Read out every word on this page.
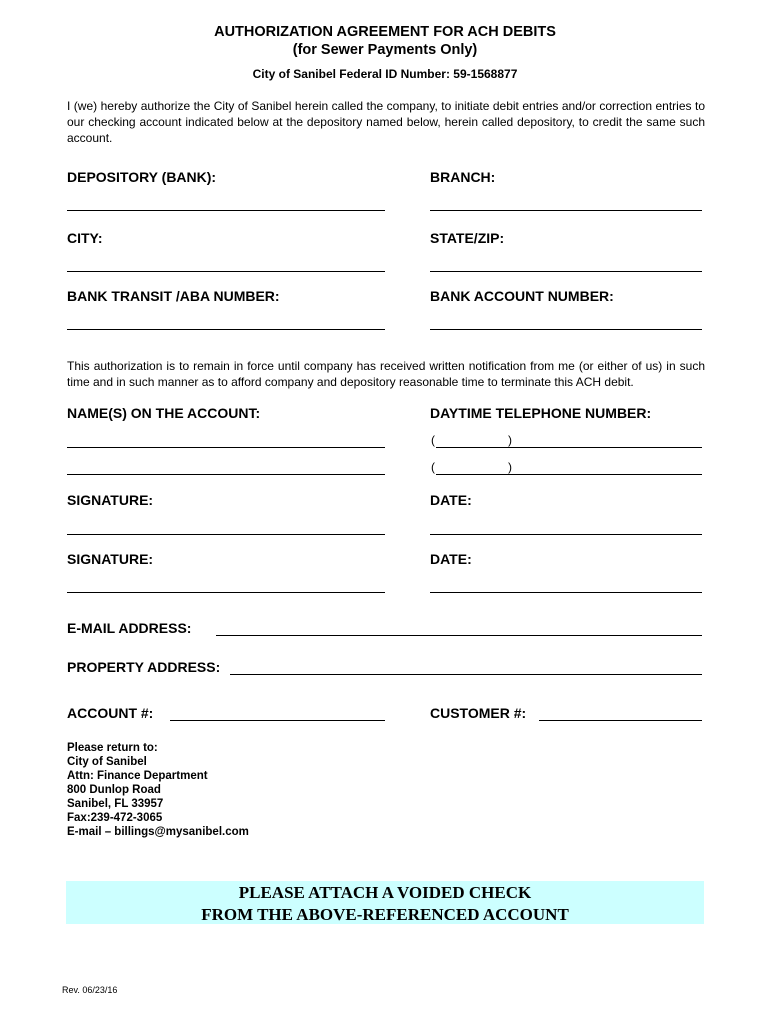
AUTHORIZATION AGREEMENT FOR ACH DEBITS
(for Sewer Payments Only)
City of Sanibel Federal ID Number: 59-1568877
I (we) hereby authorize the City of Sanibel herein called the company, to initiate debit entries and/or correction entries to our checking account indicated below at the depository named below, herein called depository, to credit the same such account.
DEPOSITORY (BANK):	BRANCH:
CITY:	STATE/ZIP:
BANK TRANSIT /ABA NUMBER:	BANK ACCOUNT NUMBER:
This authorization is to remain in force until company has received written notification from me (or either of us) in such time and in such manner as to afford company and depository reasonable time to terminate this ACH debit.
NAME(S) ON THE ACCOUNT:	DAYTIME TELEPHONE NUMBER:
(	)
(	)
SIGNATURE:	DATE:
SIGNATURE:	DATE:
E-MAIL ADDRESS:
PROPERTY ADDRESS:
ACCOUNT #:	CUSTOMER #:
Please return to:
City of Sanibel
Attn: Finance Department
800 Dunlop Road
Sanibel, FL 33957
Fax:239-472-3065
E-mail – billings@mysanibel.com
PLEASE ATTACH A VOIDED CHECK
FROM THE ABOVE-REFERENCED ACCOUNT
Rev. 06/23/16
